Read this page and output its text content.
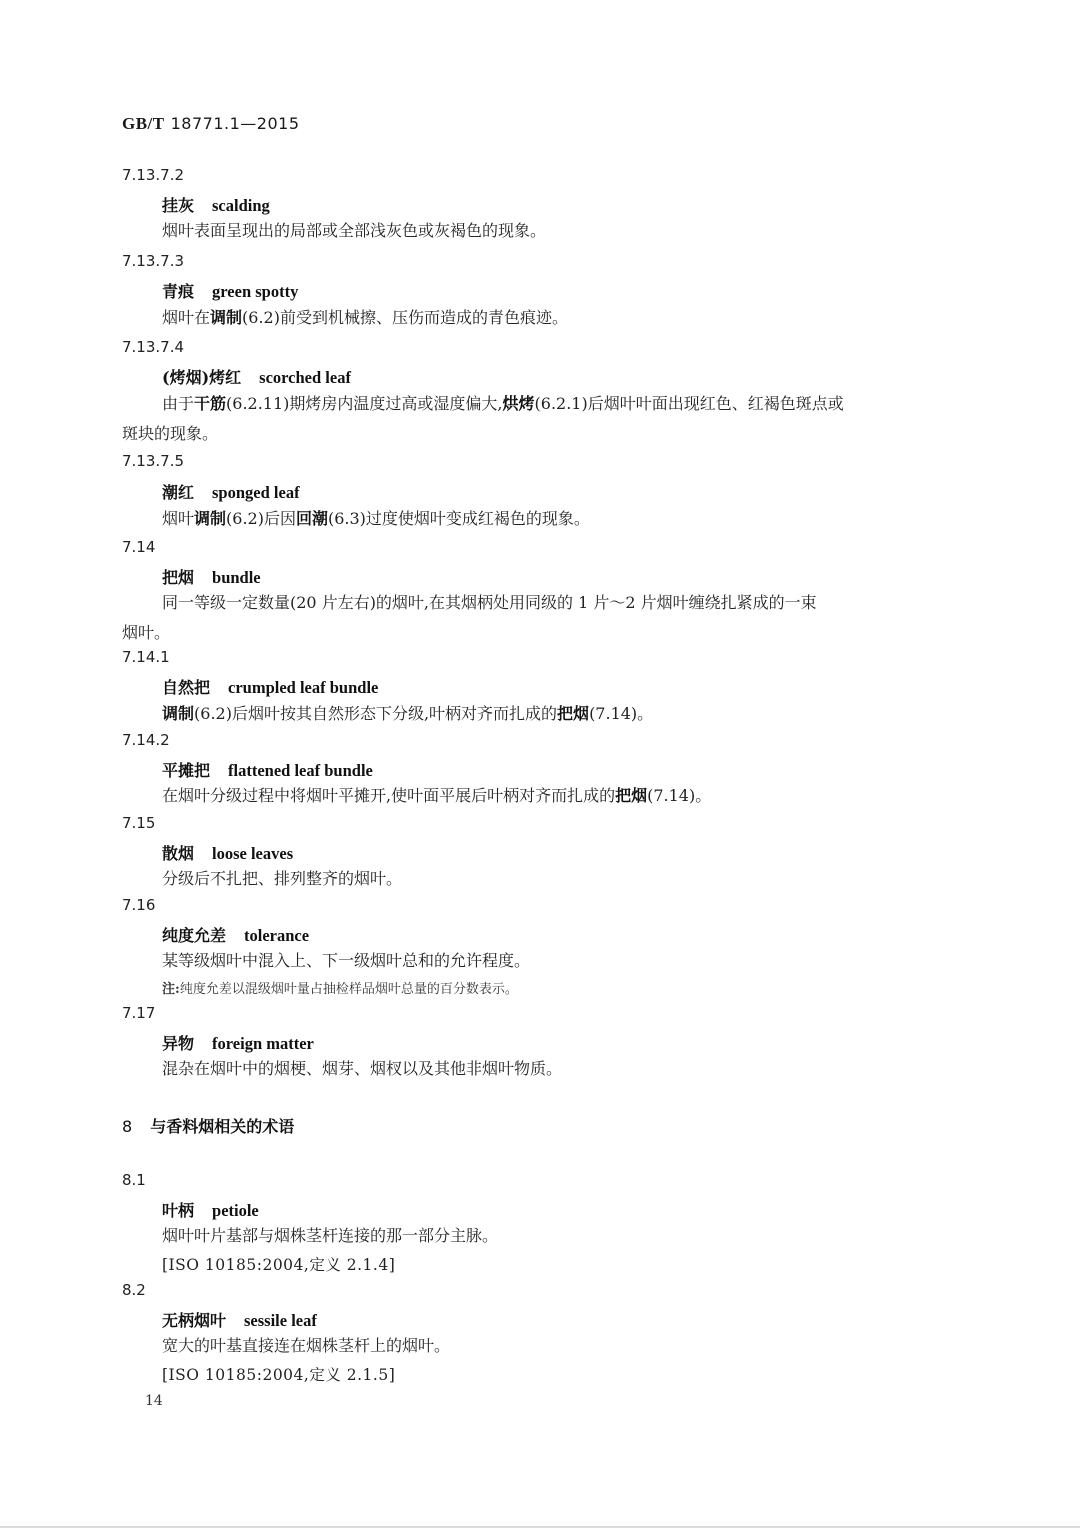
GB/T 18771.1—2015
7.13.7.2
挂灰 scalding
烟叶表面呈现出的局部或全部浅灰色或灰褐色的现象。
7.13.7.3
青痕 green spotty
烟叶在调制(6.2)前受到机械擦、压伤而造成的青色痕迹。
7.13.7.4
(烤烟)烤红 scorched leaf
由于干筋(6.2.11)期烤房内温度过高或湿度偏大,烘烤(6.2.1)后烟叶叶面出现红色、红褐色斑点或
斑块的现象。
7.13.7.5
潮红 sponged leaf
烟叶调制(6.2)后因回潮(6.3)过度使烟叶变成红褐色的现象。
7.14
把烟 bundle
同一等级一定数量(20 片左右)的烟叶,在其烟柄处用同级的 1 片～2 片烟叶缠绕扎紧成的一束
烟叶。
7.14.1
自然把 crumpled leaf bundle
调制(6.2)后烟叶按其自然形态下分级,叶柄对齐而扎成的把烟(7.14)。
7.14.2
平摊把 flattened leaf bundle
在烟叶分级过程中将烟叶平摊开,使叶面平展后叶柄对齐而扎成的把烟(7.14)。
7.15
散烟 loose leaves
分级后不扎把、排列整齐的烟叶。
7.16
纯度允差 tolerance
某等级烟叶中混入上、下一级烟叶总和的允许程度。
注:纯度允差以混级烟叶量占抽检样品烟叶总量的百分数表示。
7.17
异物 foreign matter
混杂在烟叶中的烟梗、烟芽、烟杈以及其他非烟叶物质。
8 与香料烟相关的术语
8.1
叶柄 petiole
烟叶叶片基部与烟株茎杆连接的那一部分主脉。
[ISO 10185:2004,定义 2.1.4]
8.2
无柄烟叶 sessile leaf
宽大的叶基直接连在烟株茎杆上的烟叶。
[ISO 10185:2004,定义 2.1.5]
14
